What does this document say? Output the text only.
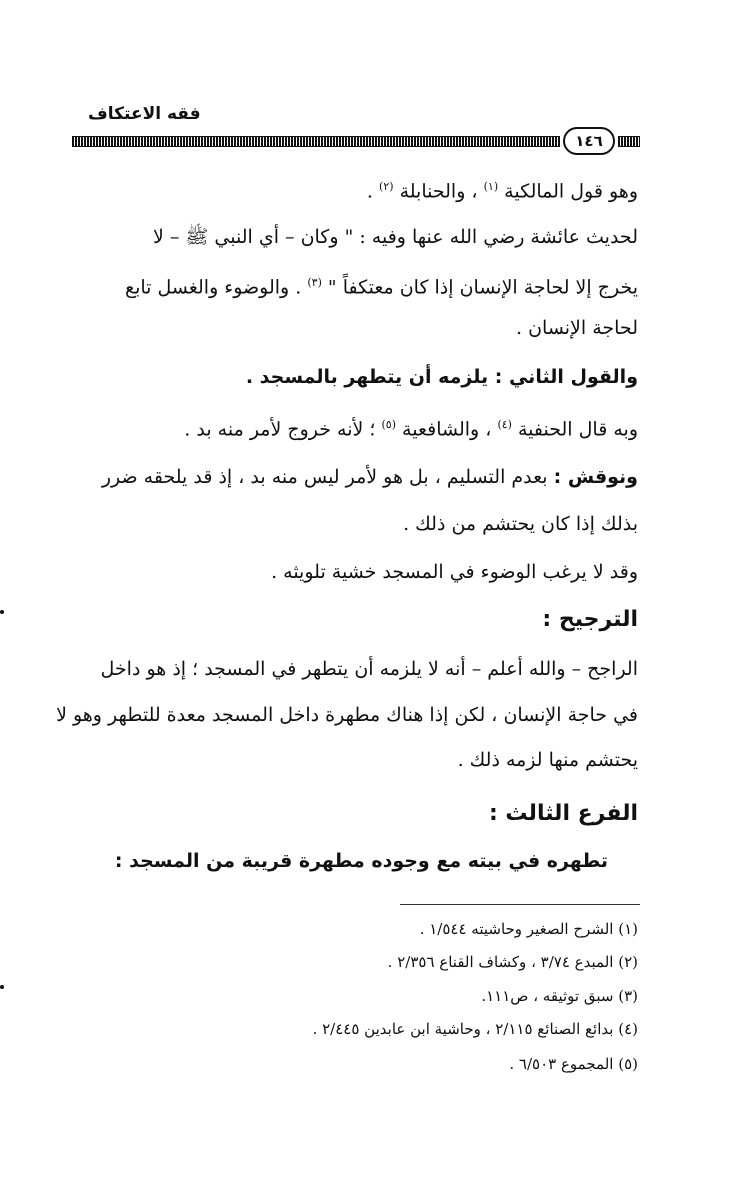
فقه الاعتكاف
١٤٦
وهو قول المالكية $^{(١)}$ ، والحنابلة $^{(٢)}$ .
لحديث عائشة رضي الله عنها وفيه : " وكان – أي النبي ﷺ – لا
يخرج إلا لحاجة الإنسان إذا كان معتكفاً " $^{(٣)}$ . والوضوء والغسل تابع
لحاجة الإنسان .
والقول الثاني : يلزمه أن يتطهر بالمسجد .
وبه قال الحنفية $^{(٤)}$ ، والشافعية $^{(٥)}$ ؛ لأنه خروج لأمر منه بد .
ونوقش : بعدم التسليم ، بل هو لأمر ليس منه بد ، إذ قد يلحقه ضرر
بذلك إذا كان يحتشم من ذلك .
وقد لا يرغب الوضوء في المسجد خشية تلويثه .
الترجيح :
الراجح – والله أعلم – أنه لا يلزمه أن يتطهر في المسجد ؛ إذ هو داخل
في حاجة الإنسان ، لكن إذا هناك مطهرة داخل المسجد معدة للتطهر وهو لا
يحتشم منها لزمه ذلك .
الفرع الثالث :
تطهره في بيته مع وجوده مطهرة قريبة من المسجد :
(١) الشرح الصغير وحاشيته ١/٥٤٤ .
(٢) المبدع ٣/٧٤ ، وكشاف القناع ٢/٣٥٦ .
(٣) سبق توثيقه ، ص١١١.
(٤) بدائع الصنائع ٢/١١٥ ، وحاشية ابن عابدين ٢/٤٤٥ .
(٥) المجموع ٦/٥٠٣ .
